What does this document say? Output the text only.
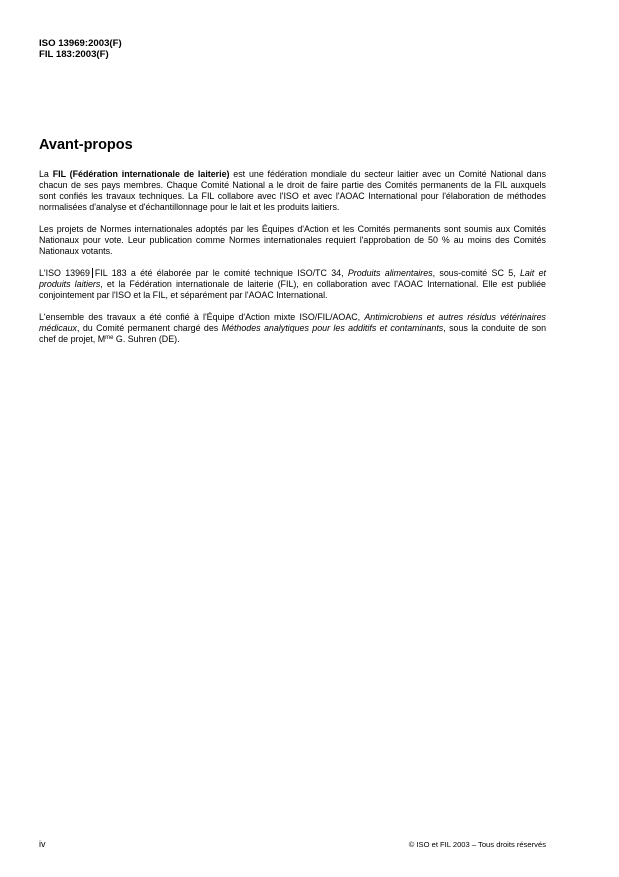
ISO 13969:2003(F)
FIL 183:2003(F)
Avant-propos

La FIL (Fédération internationale de laiterie) est une fédération mondiale du secteur laitier avec un Comité National dans chacun de ses pays membres. Chaque Comité National a le droit de faire partie des Comités permanents de la FIL auxquels sont confiés les travaux techniques. La FIL collabore avec l'ISO et avec l'AOAC International pour l'élaboration de méthodes normalisées d'analyse et d'échantillonnage pour le lait et les produits laitiers.

Les projets de Normes internationales adoptés par les Équipes d'Action et les Comités permanents sont soumis aux Comités Nationaux pour vote. Leur publication comme Normes internationales requiert l'approbation de 50 % au moins des Comités Nationaux votants.

L'ISO 13969 FIL 183 a été élaborée par le comité technique ISO/TC 34, Produits alimentaires, sous-comité SC 5, Lait et produits laitiers, et la Fédération internationale de laiterie (FIL), en collaboration avec l'AOAC International. Elle est publiée conjointement par l'ISO et la FIL, et séparément par l'AOAC International.

L'ensemble des travaux a été confié à l'Équipe d'Action mixte ISO/FIL/AOAC, Antimicrobiens et autres résidus vétérinaires médicaux, du Comité permanent chargé des Méthodes analytiques pour les additifs et contaminants, sous la conduite de son chef de projet, $M^{me}$ G. Suhren (DE).

iv	© ISO et FIL 2003 – Tous droits réservés
